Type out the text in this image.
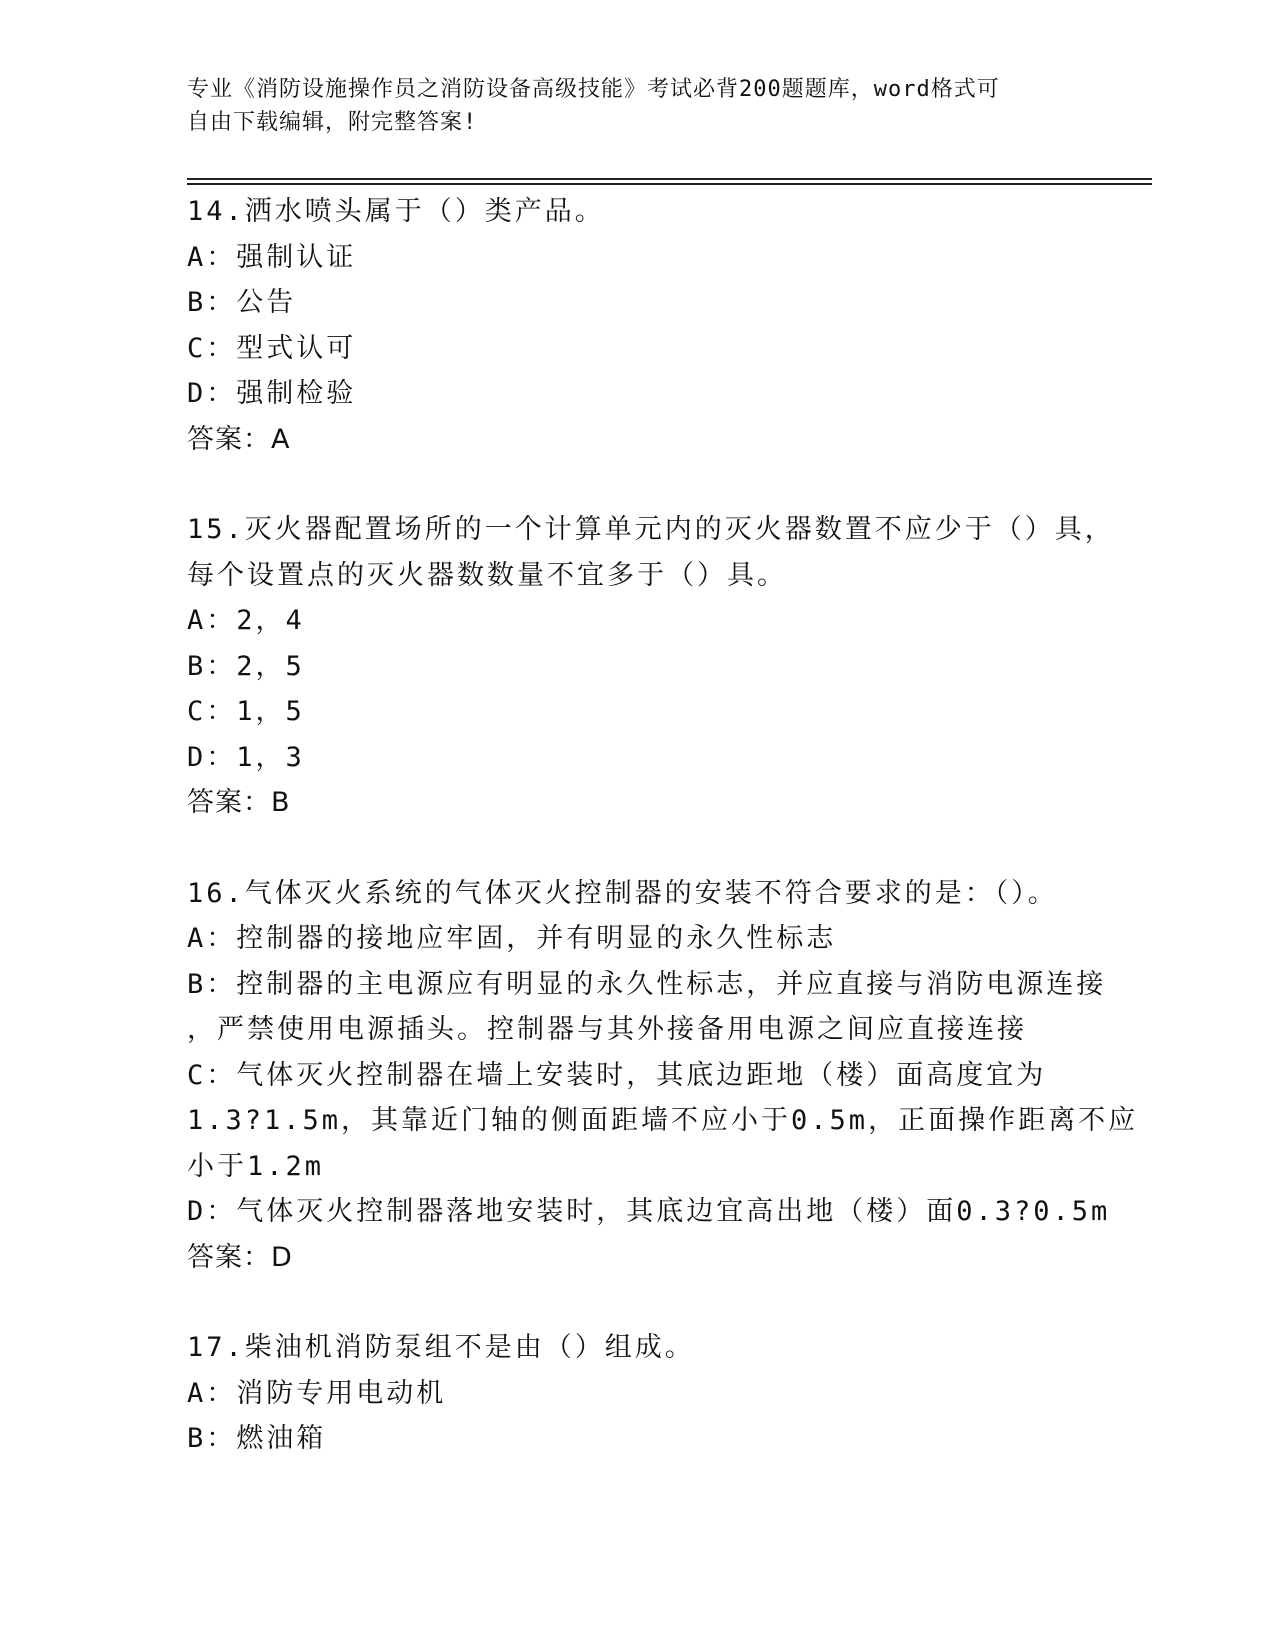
专业《消防设施操作员之消防设备高级技能》考试必背200题题库，word格式可
自由下载编辑，附完整答案!
14.洒水喷头属于（）类产品。
A：强制认证
B：公告
C：型式认可
D：强制检验
答案：A
15.灭火器配置场所的一个计算单元内的灭火器数置不应少于（）具，
每个设置点的灭火器数数量不宜多于（）具。
A：2，4
B：2，5
C：1，5
D：1，3
答案：B
16.气体灭火系统的气体灭火控制器的安装不符合要求的是：（）。
A：控制器的接地应牢固，并有明显的永久性标志
B：控制器的主电源应有明显的永久性标志，并应直接与消防电源连接
，严禁使用电源插头。控制器与其外接备用电源之间应直接连接
C：气体灭火控制器在墙上安装时，其底边距地（楼）面高度宜为
1.3?1.5m，其靠近门轴的侧面距墙不应小于0.5m，正面操作距离不应
小于1.2m
D：气体灭火控制器落地安装时，其底边宜高出地（楼）面0.3?0.5m
答案：D
17.柴油机消防泵组不是由（）组成。
A：消防专用电动机
B：燃油箱
